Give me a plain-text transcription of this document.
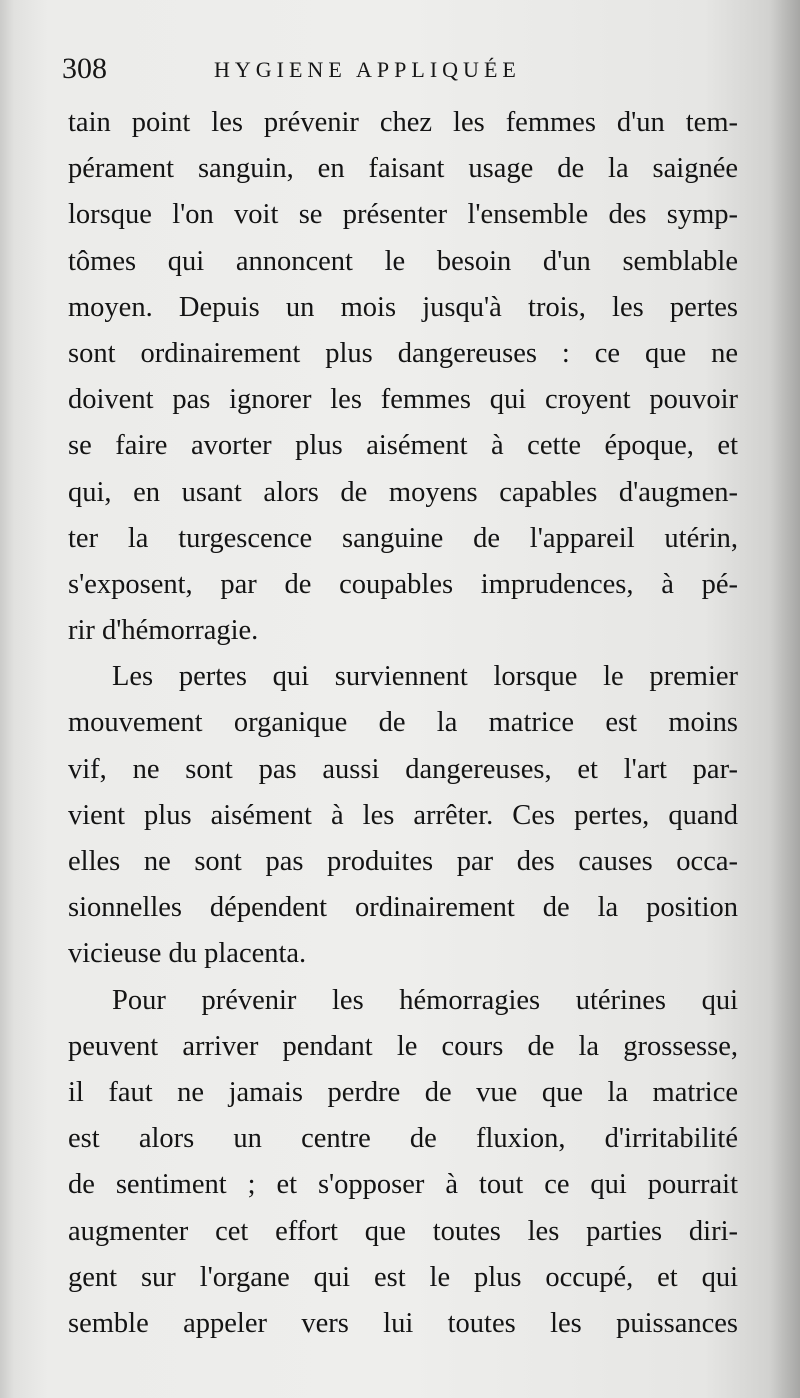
308	HYGIENE APPLIQUÉE
tain point les prévenir chez les femmes d'un tem-
pérament sanguin, en faisant usage de la saignée
lorsque l'on voit se présenter l'ensemble des symp-
tômes qui annoncent le besoin d'un semblable
moyen. Depuis un mois jusqu'à trois, les pertes
sont ordinairement plus dangereuses : ce que ne
doivent pas ignorer les femmes qui croyent pouvoir
se faire avorter plus aisément à cette époque, et
qui, en usant alors de moyens capables d'augmen-
ter la turgescence sanguine de l'appareil utérin,
s'exposent, par de coupables imprudences, à pé-
rir d'hémorragie.
Les pertes qui surviennent lorsque le premier
mouvement organique de la matrice est moins
vif, ne sont pas aussi dangereuses, et l'art par-
vient plus aisément à les arrêter. Ces pertes, quand
elles ne sont pas produites par des causes occa-
sionnelles dépendent ordinairement de la position
vicieuse du placenta.
Pour prévenir les hémorragies utérines qui
peuvent arriver pendant le cours de la grossesse,
il faut ne jamais perdre de vue que la matrice
est alors un centre de fluxion, d'irritabilité
de sentiment ; et s'opposer à tout ce qui pourrait
augmenter cet effort que toutes les parties diri-
gent sur l'organe qui est le plus occupé, et qui
semble appeler vers lui toutes les puissances
